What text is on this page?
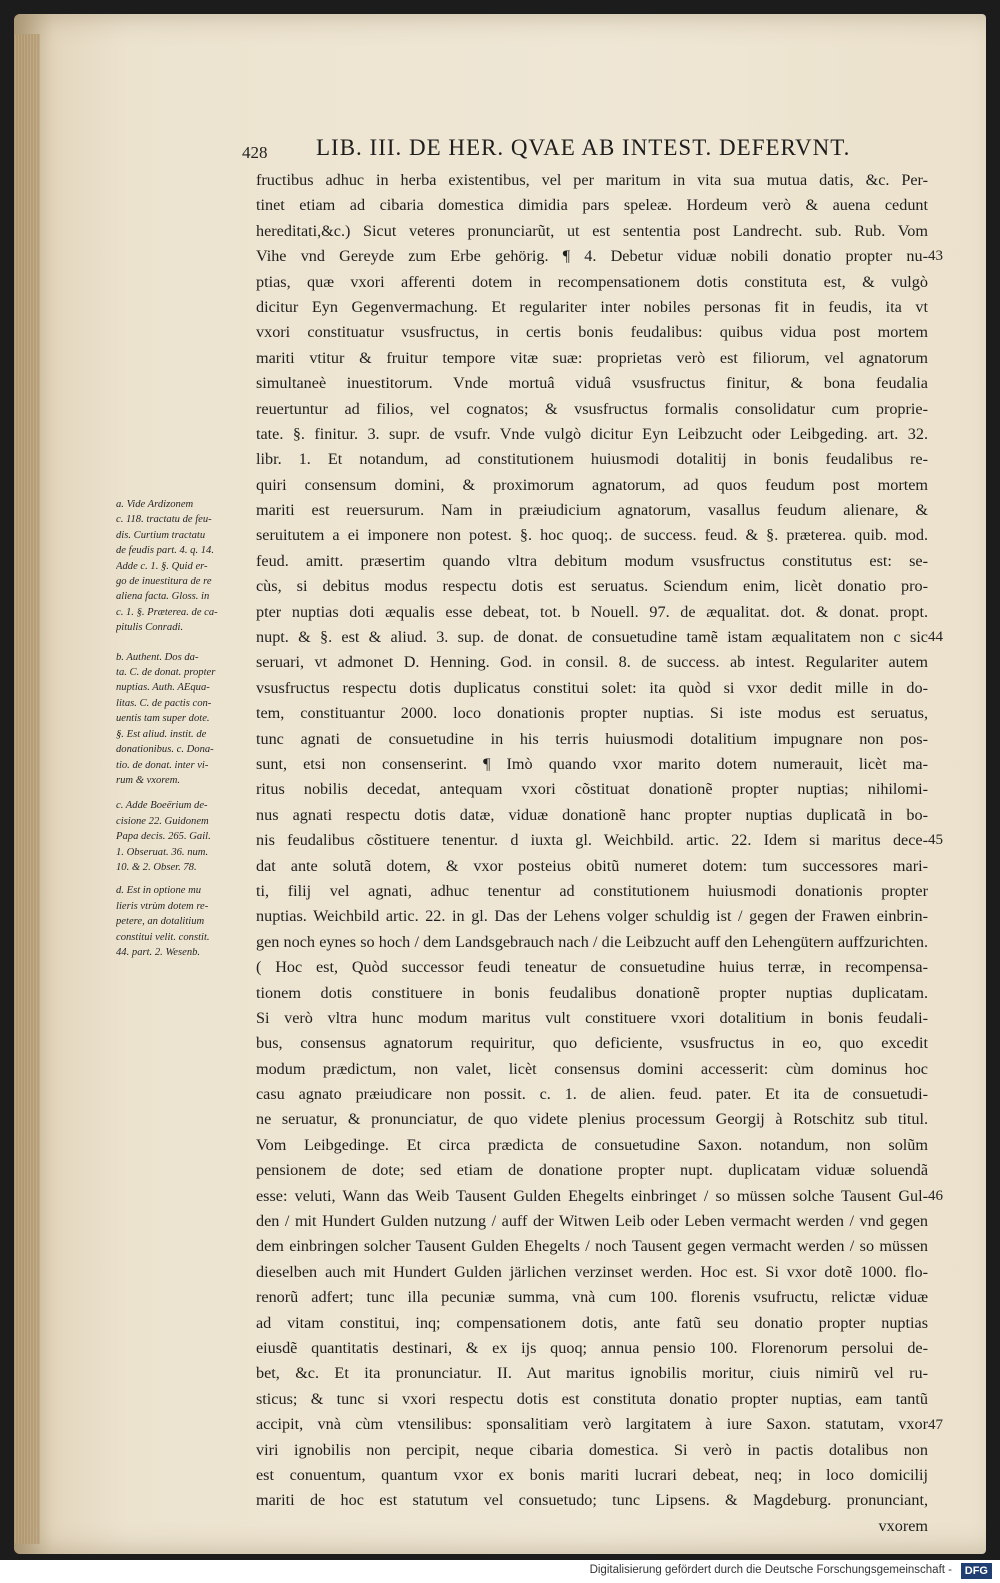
428 LIB. III. DE HER. QVAE AB INTEST. DEFERVNT.
fructibus adhuc in herba existentibus, vel per maritum in vita sua mutua datis, &c. Per-
tinet etiam ad cibaria domestica dimidia pars speleæ. Hordeum verò & auena cedunt
hereditati,&c.) Sicut veteres pronunciarũt, ut est sententia post Landrecht. sub. Rub. Vom
Vihe vnd Gereyde zum Erbe gehörig. ¶ 4. Debetur viduæ nobili donatio propter nu-
ptias, quæ vxori afferenti dotem in recompensationem dotis constituta est, & vulgò
dicitur Eyn Gegenvermachung. Et regulariter inter nobiles personas fit in feudis, ita vt
vxori constituatur vsusfructus, in certis bonis feudalibus: quibus vidua post mortem
mariti vtitur & fruitur tempore vitæ suæ: proprietas verò est filiorum, vel agnatorum
simultaneè inuestitorum. Vnde mortuâ viduâ vsusfructus finitur, & bona feudalia
reuertuntur ad filios, vel cognatos; & vsusfructus formalis consolidatur cum proprie-
tate. §. finitur. 3. supr. de vsufr. Vnde vulgò dicitur Eyn Leibzucht oder Leibgeding. art. 32.
libr. 1. Et notandum, ad constitutionem huiusmodi dotalitij in bonis feudalibus re-
quiri consensum domini, & proximorum agnatorum, ad quos feudum post mortem
mariti est reuersurum. Nam in præiudicium agnatorum, vasallus feudum alienare, &
seruitutem a ei imponere non potest. §. hoc quoq;. de success. feud. & §. præterea. quib. mod.
feud. amitt. præsertim quando vltra debitum modum vsusfructus constitutus est: se-
cùs, si debitus modus respectu dotis est seruatus. Sciendum enim, licèt donatio pro-
pter nuptias doti æqualis esse debeat, tot. b Nouell. 97. de æqualitat. dot. & donat. propt.
nupt. & §. est & aliud. 3. sup. de donat. de consuetudine tamẽ istam æqualitatem non c sic
seruari, vt admonet D. Henning. God. in consil. 8. de success. ab intest. Regulariter autem
vsusfructus respectu dotis duplicatus constitui solet: ita quòd si vxor dedit mille in do-
tem, constituantur 2000. loco donationis propter nuptias. Si iste modus est seruatus,
tunc agnati de consuetudine in his terris huiusmodi dotalitium impugnare non pos-
sunt, etsi non consenserint. ¶ Imò quando vxor marito dotem numerauit, licèt ma-
ritus nobilis decedat, antequam vxori cõstituat donationẽ propter nuptias; nihilomi-
nus agnati respectu dotis datæ, viduæ donationẽ hanc propter nuptias duplicatã in bo-
nis feudalibus cõstituere tenentur. d iuxta gl. Weichbild. artic. 22. Idem si maritus dece-
dat ante solutã dotem, & vxor posteius obitũ numeret dotem: tum successores mari-
ti, filij vel agnati, adhuc tenentur ad constitutionem huiusmodi donationis propter
nuptias. Weichbild artic. 22. in gl. Das der Lehens volger schuldig ist / gegen der Frawen einbrin-
gen noch eynes so hoch / dem Landsgebrauch nach / die Leibzucht auff den Lehengütern auffzurichten.
( Hoc est, Quòd successor feudi teneatur de consuetudine huius terræ, in recompensa-
tionem dotis constituere in bonis feudalibus donationẽ propter nuptias duplicatam.
Si verò vltra hunc modum maritus vult constituere vxori dotalitium in bonis feudali-
bus, consensus agnatorum requiritur, quo deficiente, vsusfructus in eo, quo excedit
modum prædictum, non valet, licèt consensus domini accesserit: cùm dominus hoc
casu agnato præiudicare non possit. c. 1. de alien. feud. pater. Et ita de consuetudi-
ne seruatur, & pronunciatur, de quo videte plenius processum Georgij à Rotschitz sub titul.
Vom Leibgedinge. Et circa prædicta de consuetudine Saxon. notandum, non solũm
pensionem de dote; sed etiam de donatione propter nupt. duplicatam viduæ soluendã
esse: veluti, Wann das Weib Tausent Gulden Ehegelts einbringet / so müssen solche Tausent Gul-
den / mit Hundert Gulden nutzung / auff der Witwen Leib oder Leben vermacht werden / vnd gegen
dem einbringen solcher Tausent Gulden Ehegelts / noch Tausent gegen vermacht werden / so müssen
dieselben auch mit Hundert Gulden järlichen verzinset werden. Hoc est. Si vxor dotẽ 1000. flo-
renorũ adfert; tunc illa pecuniæ summa, vnà cum 100. florenis vsufructu, relictæ viduæ
ad vitam constitui, inq; compensationem dotis, ante fatũ seu donatio propter nuptias
eiusdẽ quantitatis destinari, & ex ijs quoq; annua pensio 100. Florenorum persolui de-
bet, &c. Et ita pronunciatur. II. Aut maritus ignobilis moritur, ciuis nimirũ vel ru-
sticus; & tunc si vxori respectu dotis est constituta donatio propter nuptias, eam tantũ
accipit, vnà cùm vtensilibus: sponsalitiam verò largitatem à iure Saxon. statutam, vxor
viri ignobilis non percipit, neque cibaria domestica. Si verò in pactis dotalibus non
est conuentum, quantum vxor ex bonis mariti lucrari debeat, neq; in loco domicilij
mariti de hoc est statutum vel consuetudo; tunc Lipsens. & Magdeburg. pronunciant,
vxorem
a. Vide Ardizonem
c. 118. tractatu de feu-
dis. Curtium tractatu
de feudis part. 4. q. 14.
Adde c. 1. §. Quid er-
go de inuestitura de re
aliena facta. Gloss. in
c. 1. §. Præterea. de ca-
pitulis Conradi.
b. Authent. Dos da-
ta. C. de donat. propter
nuptias. Auth. AEqua-
litas. C. de pactis con-
uentis tam super dote.
§. Est aliud. instit. de
donationibus. c. Dona-
tio. de donat. inter vi-
rum & vxorem.
c. Adde Boeërium de-
cisione 22. Guidonem
Papa decis. 265. Gail.
1. Obseruat. 36. num.
10. & 2. Obser. 78.
d. Est in optione mu
lieris vtrùm dotem re-
petere, an dotalitium
constitui velit. constit.
44. part. 2. Wesenb.
43
44
45
46
47
Digitalisierung gefördert durch die Deutsche Forschungsgemeinschaft -	DFG
